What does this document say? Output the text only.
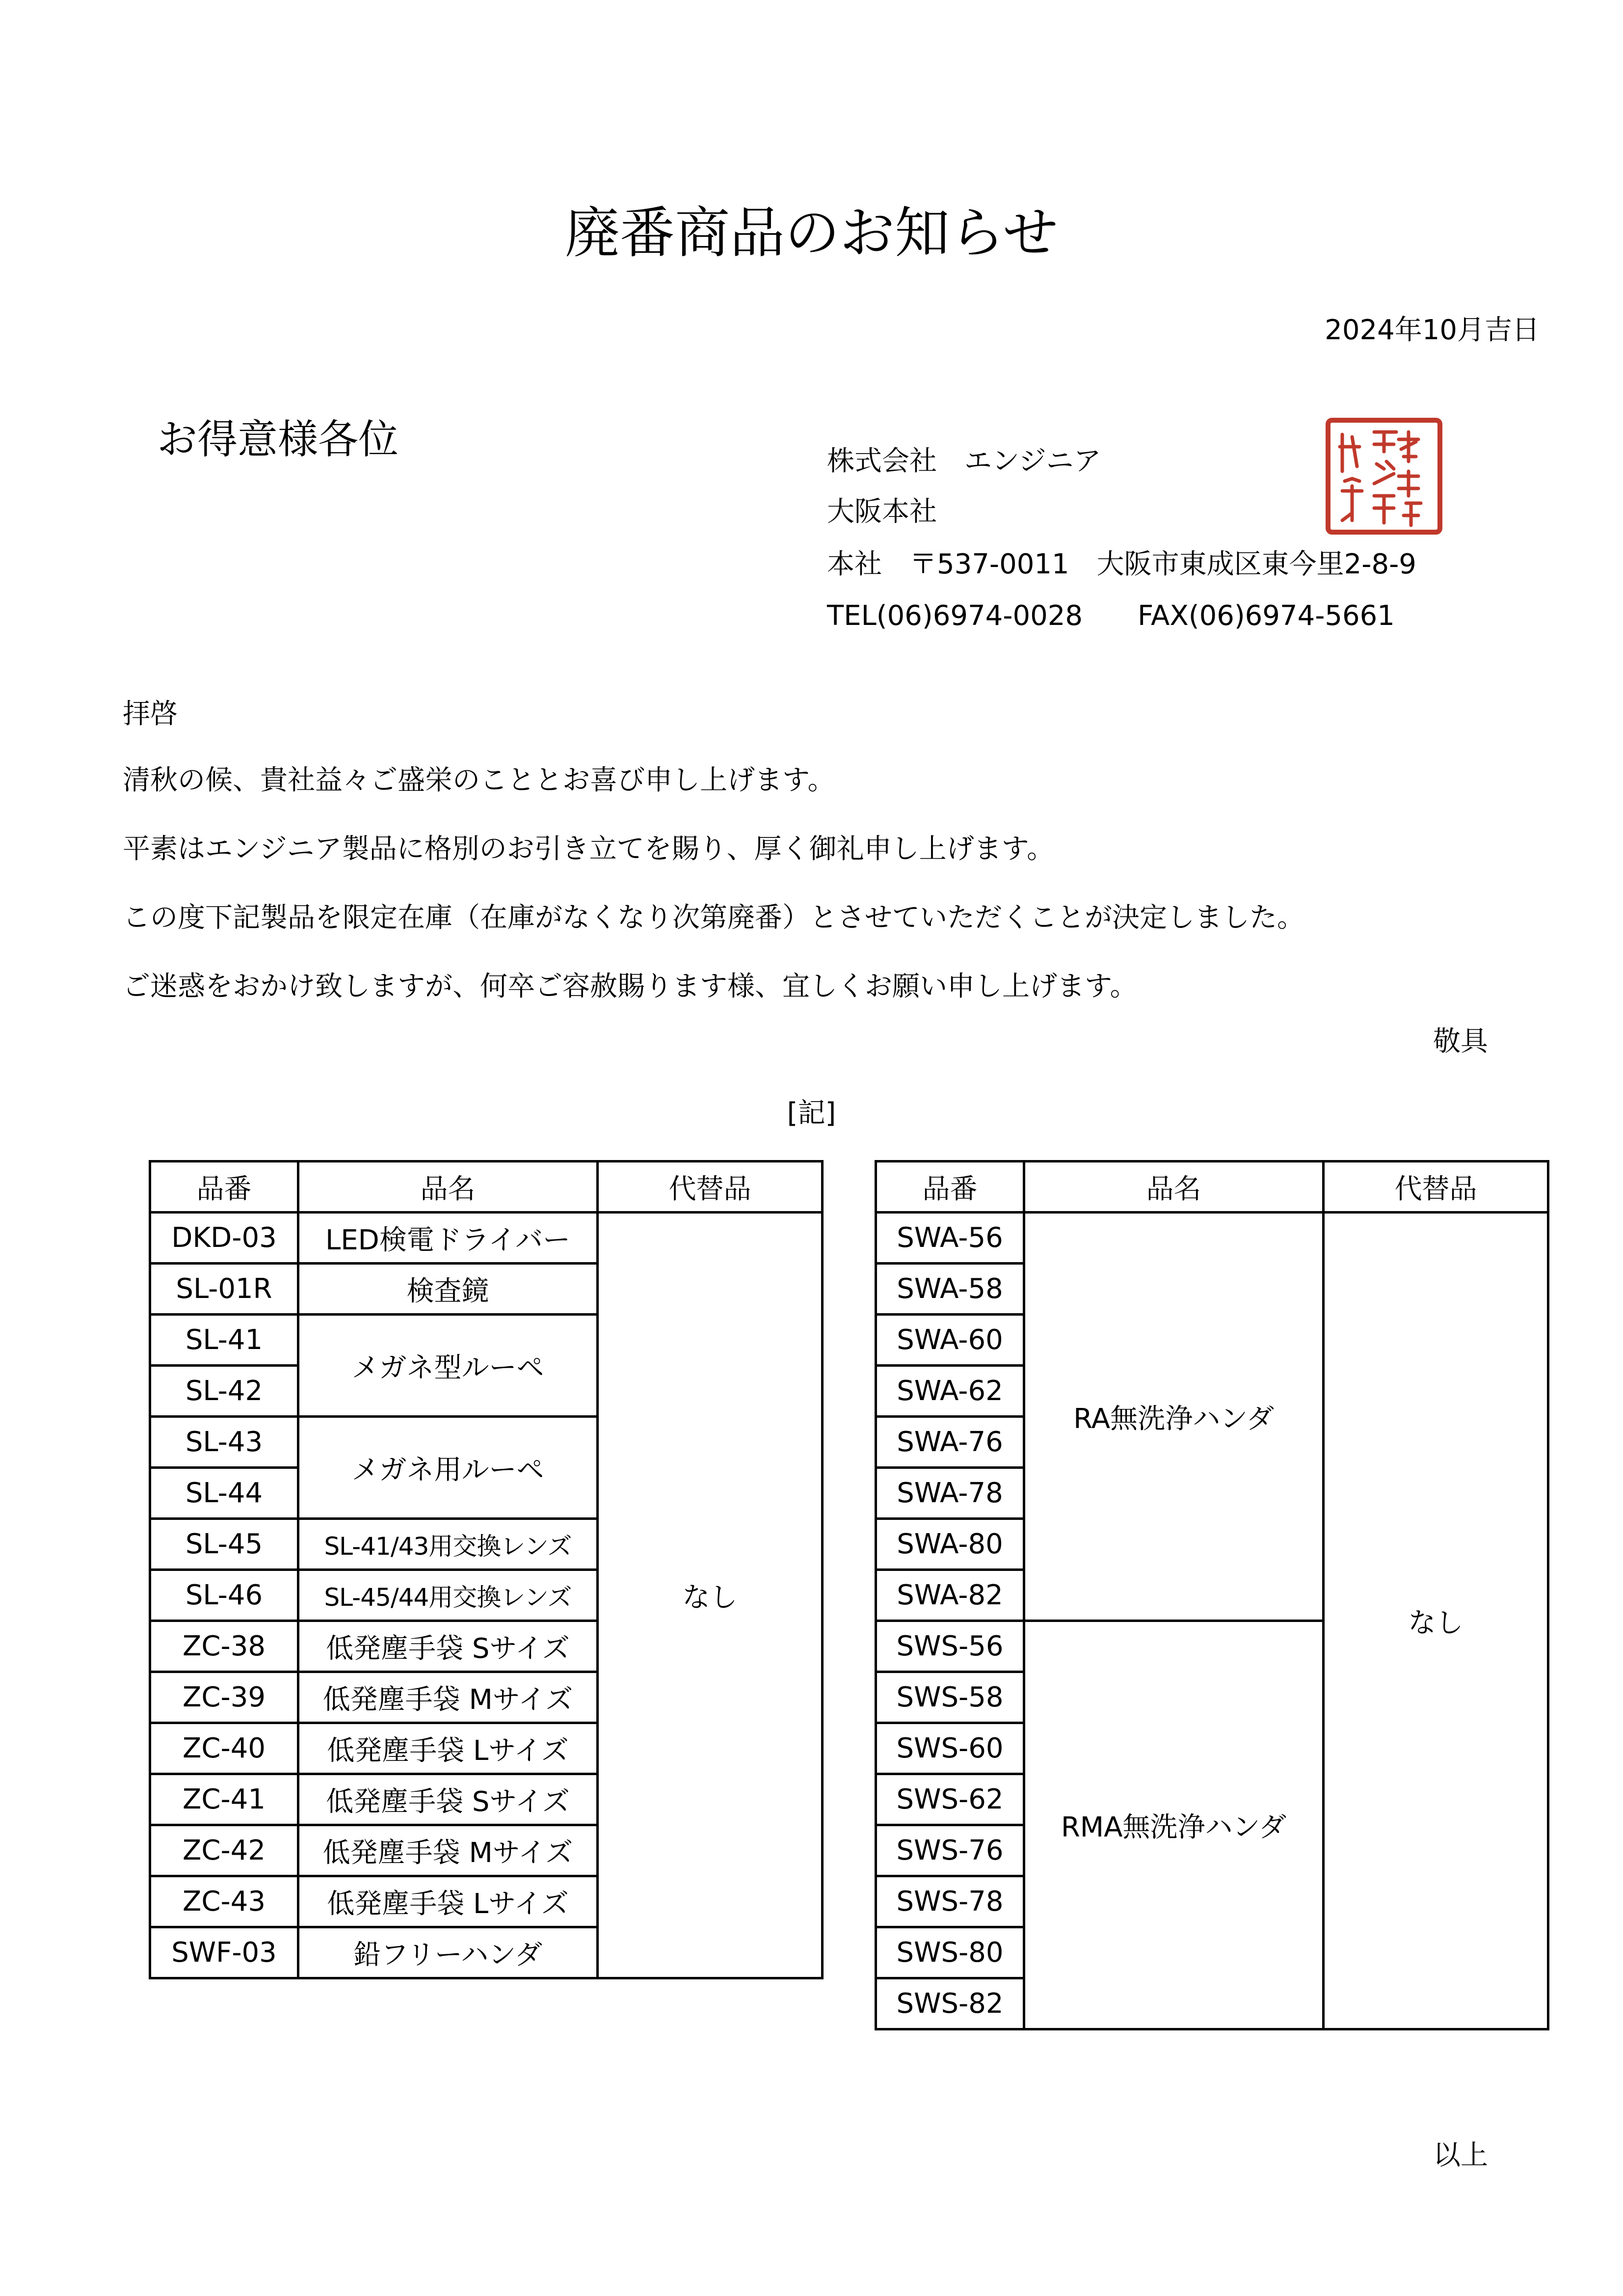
廃番商品のお知らせ
2024年10月吉日
お得意様各位	株式会社　エンジニア
大阪本社
本社　〒537-0011　大阪市東成区東今里2-8-9
TEL(06)6974-0028　　FAX(06)6974-5661
拝啓
清秋の候、貴社益々ご盛栄のこととお喜び申し上げます。
平素はエンジニア製品に格別のお引き立てを賜り、厚く御礼申し上げます。
この度下記製品を限定在庫（在庫がなくなり次第廃番）とさせていただくことが決定しました。
ご迷惑をおかけ致しますが、何卒ご容赦賜ります様、宜しくお願い申し上げます。
敬具
[記]
品番	品名	代替品
DKD-03	LED検電ドライバー	なし
SL-01R	検査鏡	
SL-41	メガネ型ルーペ	
SL-42		
SL-43	メガネ用ルーペ	
SL-44		
SL-45	SL-41/43用交換レンズ	
SL-46	SL-45/44用交換レンズ	
ZC-38	低発塵手袋 Sサイズ	
ZC-39	低発塵手袋 Mサイズ	
ZC-40	低発塵手袋 Lサイズ	
ZC-41	低発塵手袋 Sサイズ	
ZC-42	低発塵手袋 Mサイズ	
ZC-43	低発塵手袋 Lサイズ	
SWF-03	鉛フリーハンダ	
品番	品名	代替品
SWA-56	RA無洗浄ハンダ	なし
SWA-58		
SWA-60		
SWA-62		
SWA-76		
SWA-78		
SWA-80		
SWA-82		
SWS-56	RMA無洗浄ハンダ	
SWS-58		
SWS-60		
SWS-62		
SWS-76		
SWS-78		
SWS-80		
SWS-82		
以上
